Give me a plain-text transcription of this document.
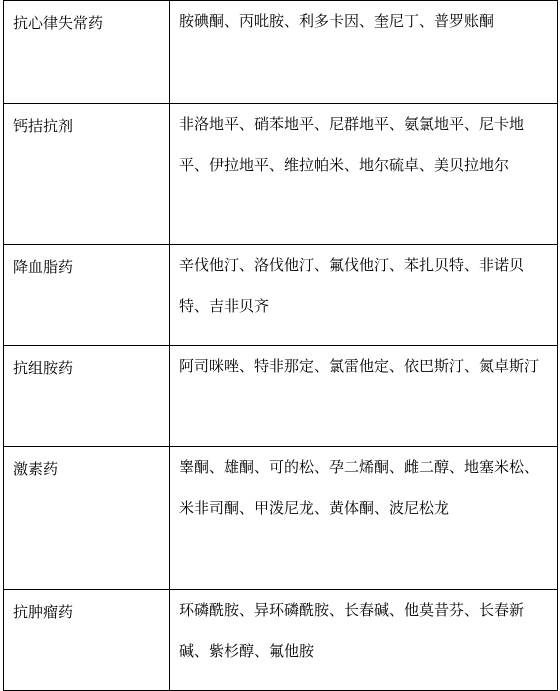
抗心律失常药	胺碘酮、丙吡胺、利多卡因、奎尼丁、普罗账酮
钙拮抗剂	非洛地平、硝苯地平、尼群地平、氨氯地平、尼卡地平、伊拉地平、维拉帕米、地尔硫卓、美贝拉地尔
降血脂药	辛伐他汀、洛伐他汀、氟伐他汀、苯扎贝特、非诺贝特、吉非贝齐
抗组胺药	阿司咪唑、特非那定、氯雷他定、依巴斯汀、氮卓斯汀
激素药	睾酮、雄酮、可的松、孕二烯酮、雌二醇、地塞米松、米非司酮、甲泼尼龙、黄体酮、波尼松龙
抗肿瘤药	环磷酰胺、异环磷酰胺、长春碱、他莫昔芬、长春新碱、紫杉醇、氟他胺
